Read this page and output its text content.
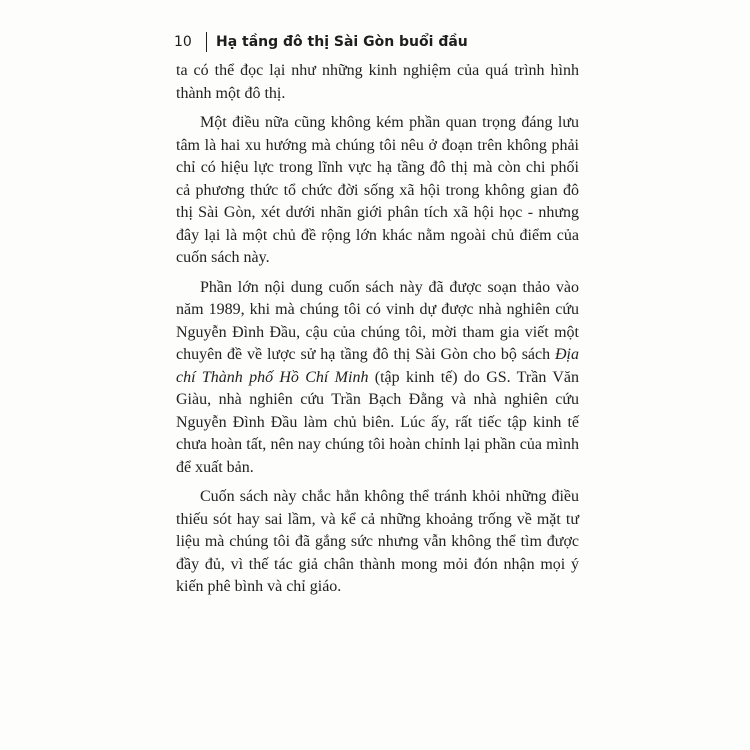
10	Hạ tầng đô thị Sài Gòn buổi đầu

ta có thể đọc lại như những kinh nghiệm của quá trình hình thành một đô thị.

Một điều nữa cũng không kém phần quan trọng đáng lưu tâm là hai xu hướng mà chúng tôi nêu ở đoạn trên không phải chỉ có hiệu lực trong lĩnh vực hạ tầng đô thị mà còn chi phối cả phương thức tổ chức đời sống xã hội trong không gian đô thị Sài Gòn, xét dưới nhãn giới phân tích xã hội học - nhưng đây lại là một chủ đề rộng lớn khác nằm ngoài chủ điểm của cuốn sách này.

Phần lớn nội dung cuốn sách này đã được soạn thảo vào năm 1989, khi mà chúng tôi có vinh dự được nhà nghiên cứu Nguyễn Đình Đầu, cậu của chúng tôi, mời tham gia viết một chuyên đề về lược sử hạ tầng đô thị Sài Gòn cho bộ sách Địa chí Thành phố Hồ Chí Minh (tập kinh tế) do GS. Trần Văn Giàu, nhà nghiên cứu Trần Bạch Đằng và nhà nghiên cứu Nguyễn Đình Đầu làm chủ biên. Lúc ấy, rất tiếc tập kinh tế chưa hoàn tất, nên nay chúng tôi hoàn chỉnh lại phần của mình để xuất bản.

Cuốn sách này chắc hẳn không thể tránh khỏi những điều thiếu sót hay sai lầm, và kể cả những khoảng trống về mặt tư liệu mà chúng tôi đã gắng sức nhưng vẫn không thể tìm được đầy đủ, vì thế tác giả chân thành mong mỏi đón nhận mọi ý kiến phê bình và chỉ giáo.
